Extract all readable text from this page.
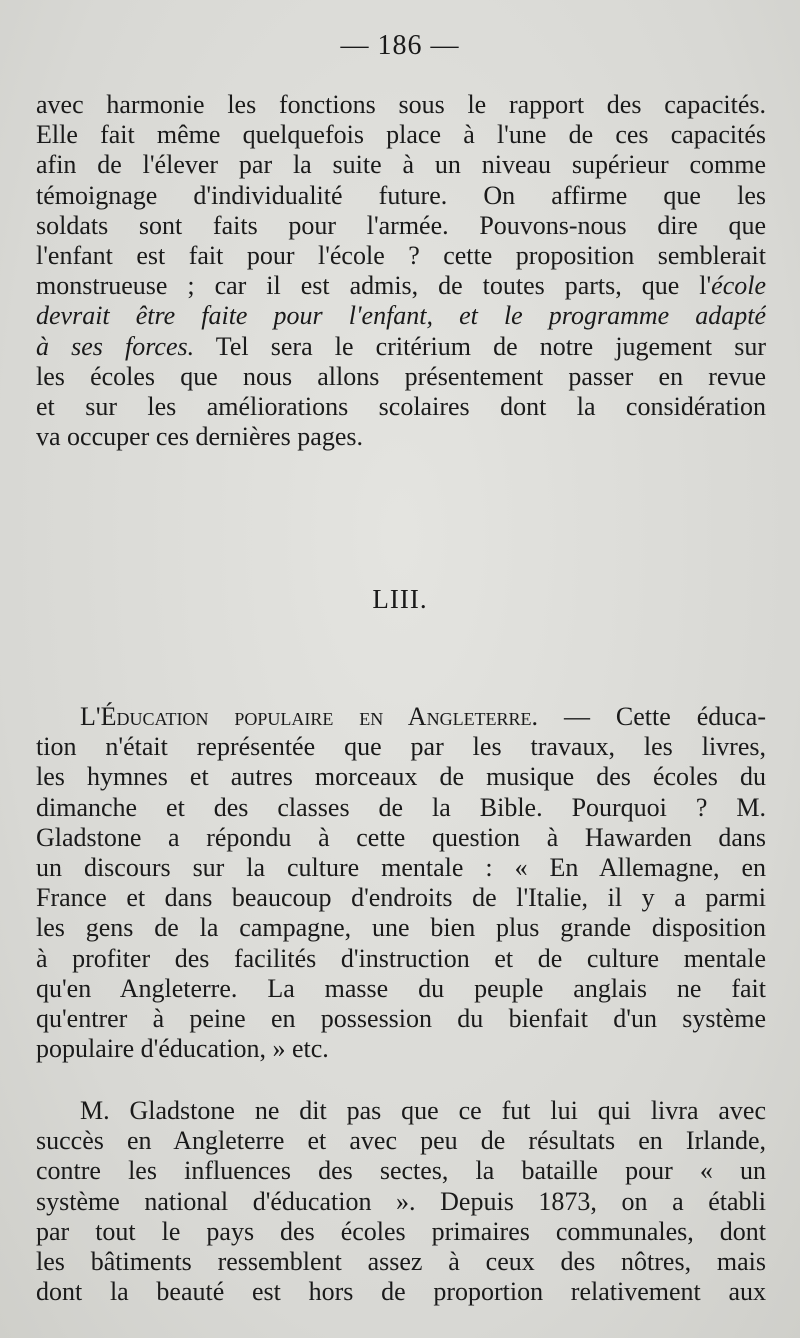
— 186 —
avec harmonie les fonctions sous le rapport des capacités.
Elle fait même quelquefois place à l'une de ces capacités
afin de l'élever par la suite à un niveau supérieur comme
témoignage d'individualité future. On affirme que les
soldats sont faits pour l'armée. Pouvons-nous dire que
l'enfant est fait pour l'école ? cette proposition semblerait
monstrueuse ; car il est admis, de toutes parts, que l'école
devrait être faite pour l'enfant, et le programme adapté
à ses forces. Tel sera le critérium de notre jugement sur
les écoles que nous allons présentement passer en revue
et sur les améliorations scolaires dont la considération
va occuper ces dernières pages.
LIII.
L'Éducation populaire en Angleterre. — Cette éduca-
tion n'était représentée que par les travaux, les livres,
les hymnes et autres morceaux de musique des écoles du
dimanche et des classes de la Bible. Pourquoi ? M.
Gladstone a répondu à cette question à Hawarden dans
un discours sur la culture mentale : « En Allemagne, en
France et dans beaucoup d'endroits de l'Italie, il y a parmi
les gens de la campagne, une bien plus grande disposition
à profiter des facilités d'instruction et de culture mentale
qu'en Angleterre. La masse du peuple anglais ne fait
qu'entrer à peine en possession du bienfait d'un système
populaire d'éducation, » etc.
M. Gladstone ne dit pas que ce fut lui qui livra avec
succès en Angleterre et avec peu de résultats en Irlande,
contre les influences des sectes, la bataille pour « un
système national d'éducation ». Depuis 1873, on a établi
par tout le pays des écoles primaires communales, dont
les bâtiments ressemblent assez à ceux des nôtres, mais
dont la beauté est hors de proportion relativement aux
